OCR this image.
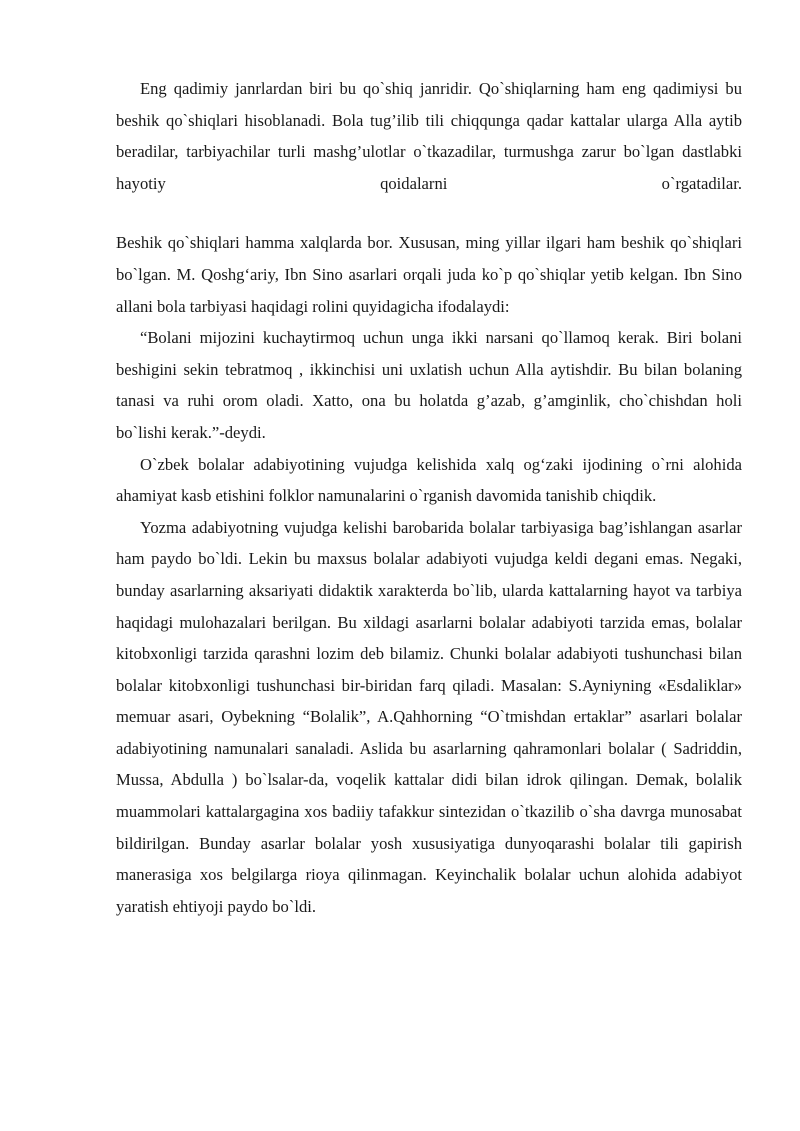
Eng qadimiy janrlardan biri bu qo`shiq janridir. Qo`shiqlarning ham eng qadimiysi bu beshik qo`shiqlari hisoblanadi. Bola tug’ilib tili chiqqunga qadar kattalar ularga Alla aytib beradilar, tarbiyachilar turli mashg’ulotlar o`tkazadilar, turmushga zarur bo`lgan dastlabki hayotiy qoidalarni o`rgatadilar.

Beshik qo`shiqlari hamma xalqlarda bor. Xususan, ming yillar ilgari ham beshik qo`shiqlari bo`lgan. M. Qoshg‘ariy, Ibn Sino asarlari orqali juda ko`p qo`shiqlar yetib kelgan. Ibn Sino allani bola tarbiyasi haqidagi rolini quyidagicha ifodalaydi:

“Bolani mijozini kuchaytirmoq uchun unga ikki narsani qo`llamoq kerak. Biri bolani beshigini sekin tebratmoq , ikkinchisi uni uxlatish uchun Alla aytishdir. Bu bilan bolaning tanasi va ruhi orom oladi. Xatto, ona bu holatda g’azab, g’amginlik, cho`chishdan holi bo`lishi kerak.”-deydi.

O`zbek bolalar adabiyotining vujudga kelishida xalq og‘zaki ijodining o`rni alohida ahamiyat kasb etishini folklor namunalarini o`rganish davomida tanishib chiqdik.

Yozma adabiyotning vujudga kelishi barobarida bolalar tarbiyasiga bag’ishlangan asarlar ham paydo bo`ldi. Lekin bu maxsus bolalar adabiyoti vujudga keldi degani emas. Negaki, bunday asarlarning aksariyati didaktik xarakterda bo`lib, ularda kattalarning hayot va tarbiya haqidagi mulohazalari berilgan. Bu xildagi asarlarni bolalar adabiyoti tarzida emas, bolalar kitobxonligi tarzida qarashni lozim deb bilamiz. Chunki bolalar adabiyoti tushunchasi bilan bolalar kitobxonligi tushunchasi bir-biridan farq qiladi. Masalan: S.Ayniyning «Esdaliklar» memuar asari, Oybekning “Bolalik”, A.Qahhorning “O`tmishdan ertaklar” asarlari bolalar adabiyotining namunalari sanaladi. Aslida bu asarlarning qahramonlari bolalar ( Sadriddin, Mussa, Abdulla ) bo`lsalar-da, voqelik kattalar didi bilan idrok qilingan. Demak, bolalik muammolari kattalargagina xos badiiy tafakkur sintezidan o`tkazilib o`sha davrga munosabat bildirilgan. Bunday asarlar bolalar yosh xususiyatiga dunyoqarashi bolalar tili gapirish manerasiga xos belgilarga rioya qilinmagan. Keyinchalik bolalar uchun alohida adabiyot yaratish ehtiyoji paydo bo`ldi.
